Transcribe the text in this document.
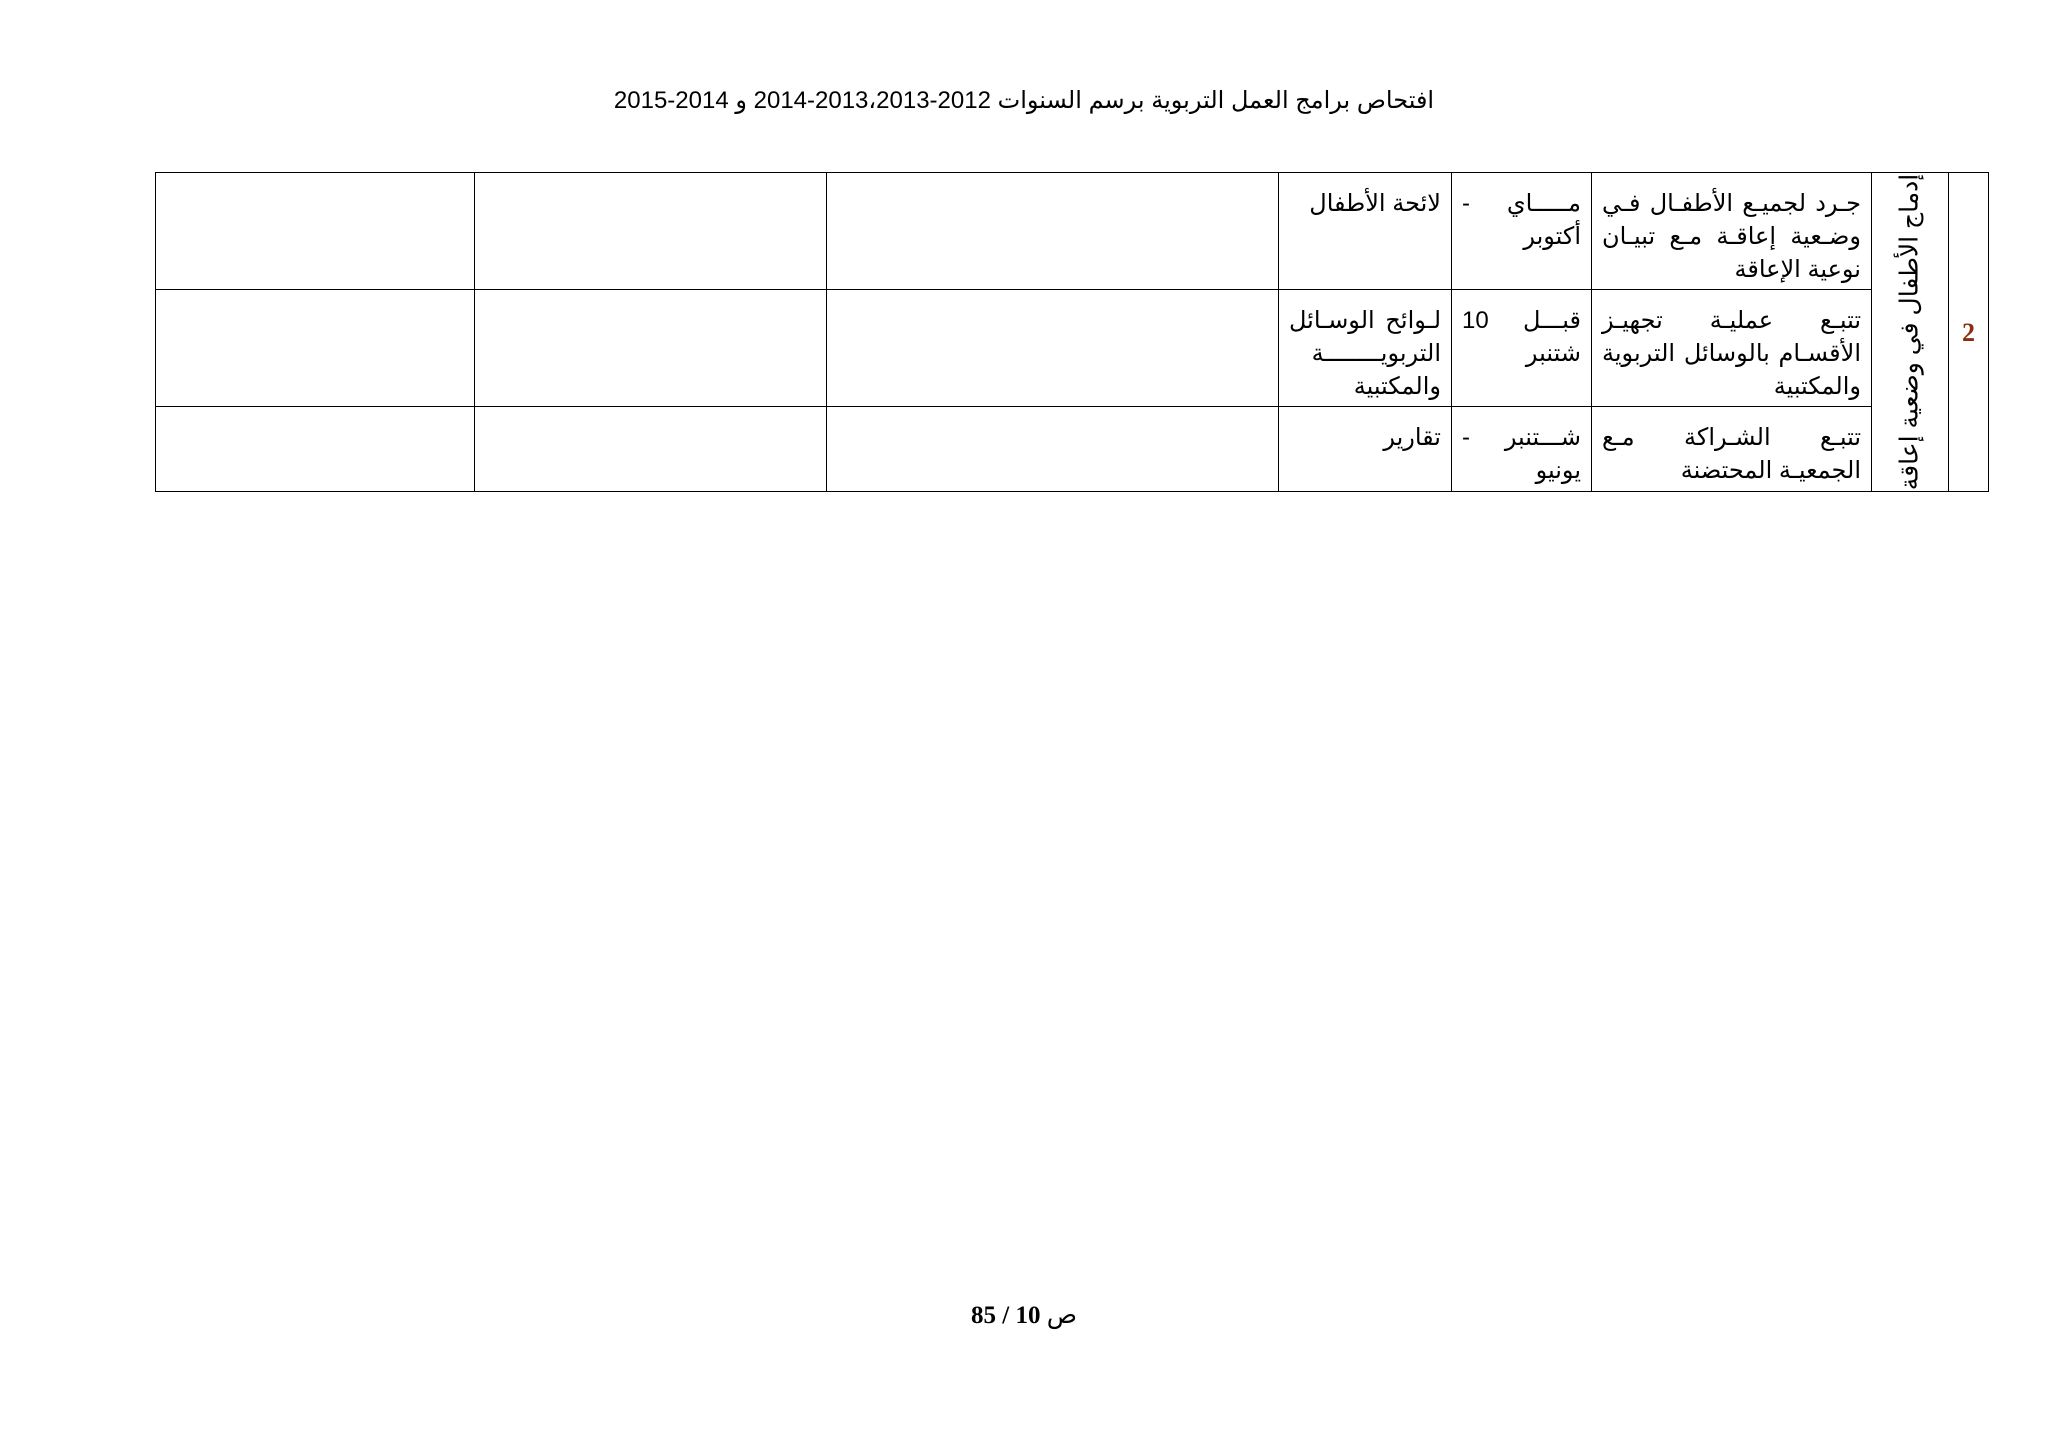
افتحاص برامج العمل التربوية برسم السنوات 2012-2013،2013-2014 و 2014-2015
2	إدماج الأطفال في وضعية إعاقة	جـرد لجميـع الأطفـال فـي وضـعية إعاقـة مـع تبيـان نوعية الإعاقة	مـــــاي - أكتوبر	لائحة الأطفال			
		تتبـع عمليـة تجهيـز الأقسـام بالوسائل التربوية والمكتبية	قبـــل 10 شتنبر	لـوائح الوسـائل التربويــــــــة والمكتبية			
		تتبـع الشـراكة مـع الجمعيـة المحتضنة	شـــتنبر - يونيو	تقارير			
85 / 10 ص
